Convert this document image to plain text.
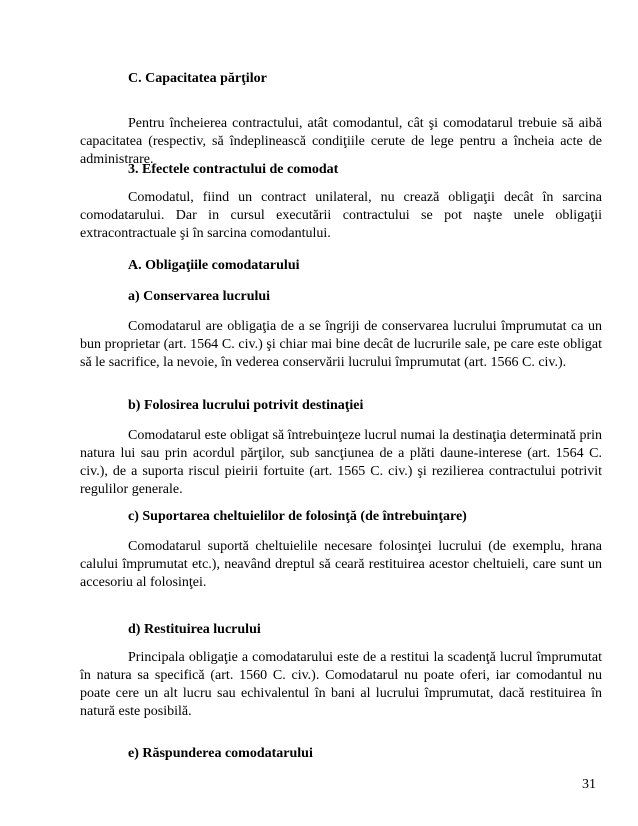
C. Capacitatea părţilor

Pentru încheierea contractului, atât comodantul, cât şi comodatarul trebuie să aibă capacitatea (respectiv, să îndeplinească condiţiile cerute de lege pentru a încheia acte de administrare.

3. Efectele contractului de comodat

Comodatul, fiind un contract unilateral, nu crează obligaţii decât în sarcina comodatarului. Dar in cursul executării contractului se pot naşte unele obligaţii extracontractuale şi în sarcina comodantului.

A. Obligaţiile comodatarului
a) Conservarea lucrului

Comodatarul are obligaţia de a se îngriji de conservarea lucrului împrumutat ca un bun proprietar (art. 1564 C. civ.) şi chiar mai bine decât de lucrurile sale, pe care este obligat să le sacrifice, la nevoie, în vederea conservării lucrului împrumutat (art. 1566 C. civ.).

b) Folosirea lucrului potrivit destinaţiei

Comodatarul este obligat să întrebuinţeze lucrul numai la destinaţia determinată prin natura lui sau prin acordul părţilor, sub sancţiunea de a plăti daune-interese (art. 1564 C. civ.), de a suporta riscul pieirii fortuite (art. 1565 C. civ.) şi rezilierea contractului potrivit regulilor generale.

c) Suportarea cheltuielilor de folosinţă (de întrebuinţare)

Comodatarul suportă cheltuielile necesare folosinţei lucrului (de exemplu, hrana calului împrumutat etc.), neavând dreptul să ceară restituirea acestor cheltuieli, care sunt un accesoriu al folosinţei.

d) Restituirea lucrului

Principala obligaţie a comodatarului este de a restitui la scadenţă lucrul împrumutat în natura sa specifică (art. 1560 C. civ.). Comodatarul nu poate oferi, iar comodantul nu poate cere un alt lucru sau echivalentul în bani al lucrului împrumutat, dacă restituirea în natură este posibilă.

e) Răspunderea comodatarului
31
